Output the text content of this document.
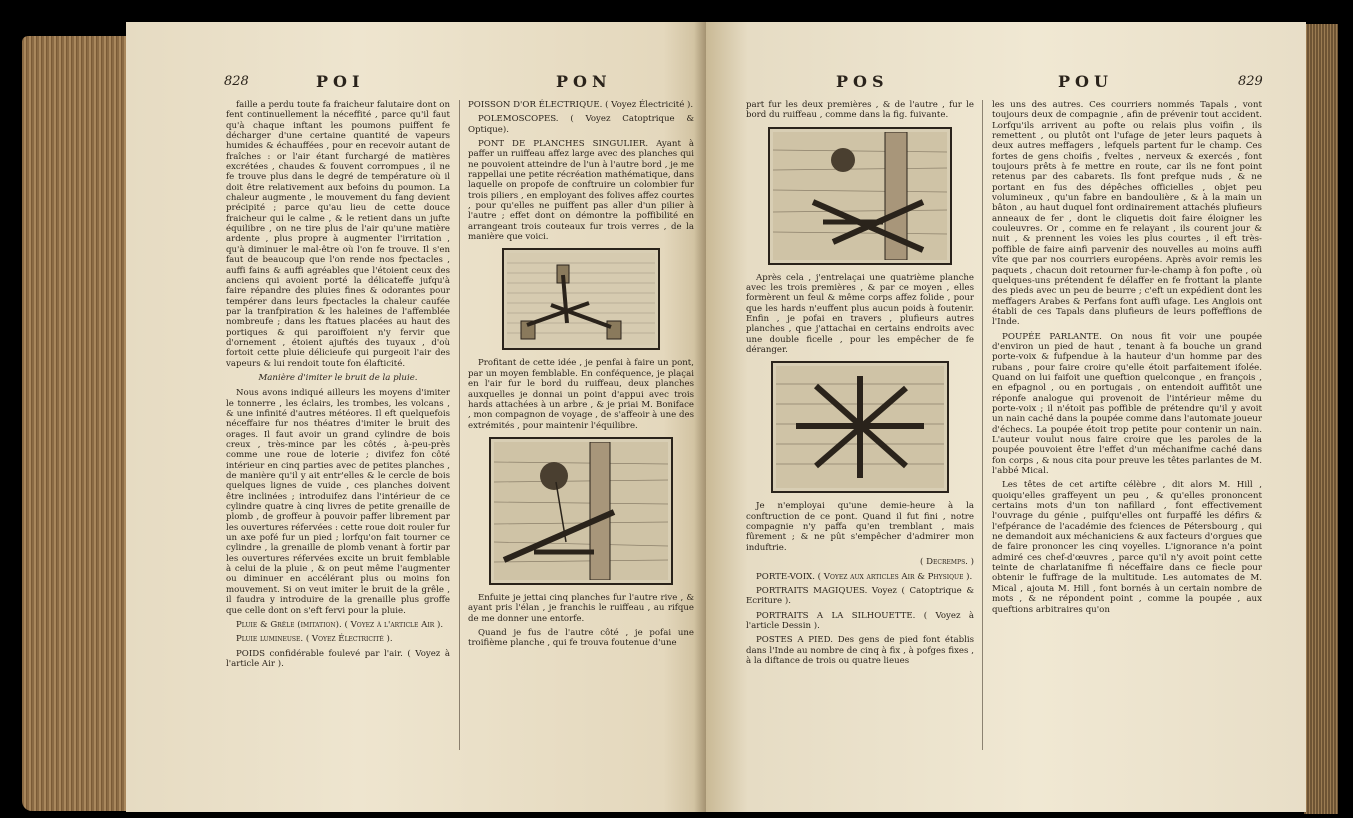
828	POI	PON

faille a perdu toute fa fraicheur falutaire dont on fent continuellement la néceffité , parce qu'il faut qu'à chaque inftant les poumons puiffent fe décharger d'une certaine quantité de vapeurs humides & échauffées , pour en recevoir autant de fraîches : or l'air étant furchargé de matières excrétées , chaudes & fouvent corrompues , il ne fe trouve plus dans le degré de température où il doit être relativement aux befoins du poumon. La chaleur augmente , le mouvement du fang devient précipité ; parce qu'au lieu de cette douce fraicheur qui le calme , & le retient dans un jufte équilibre , on ne tire plus de l'air qu'une matière ardente , plus propre à augmenter l'irritation , qu'à diminuer le mal-être où l'on fe trouve. Il s'en faut de beaucoup que l'on rende nos fpectacles , auffi fains & auffi agréables que l'étoient ceux des anciens qui avoient porté la délicateffe jufqu'à faire répandre des pluies fines & odorantes pour tempérer dans leurs fpectacles la chaleur caufée par la tranfpiration & les haleines de l'affemblée nombreufe ; dans les ftatues placées au haut des portiques & qui paroiffoient n'y fervir que d'ornement , étoient ajuftés des tuyaux , d'où fortoit cette pluie délicieufe qui purgeoit l'air des vapeurs & lui rendoit toute fon élafticité.

Manière d'imiter le bruit de la pluie.

Nous avons indiqué ailleurs les moyens d'imiter le tonnerre , les éclairs, les trombes, les volcans , & une infinité d'autres météores. Il eft quelquefois néceffaire fur nos théatres d'imiter le bruit des orages. Il faut avoir un grand cylindre de bois creux , très-mince par les côtés , à-peu-près comme une roue de loterie ; divifez fon côté intérieur en cinq parties avec de petites planches , de manière qu'il y ait entr'elles & le cercle de bois quelques lignes de vuide , ces planches doivent être inclinées ; introduifez dans l'intérieur de ce cylindre quatre à cinq livres de petite grenaille de plomb , de groffeur à pouvoir paffer librement par les ouvertures réfervées : cette roue doit rouler fur un axe pofé fur un pied ; lorfqu'on fait tourner ce cylindre , la grenaille de plomb venant à fortir par les ouvertures réfervées excite un bruit femblable à celui de la pluie , & on peut même l'augmenter ou diminuer en accélérant plus ou moins fon mouvement. Si on veut imiter le bruit de la grêle , il faudra y introduire de la grenaille plus groffe que celle dont on s'eft fervi pour la pluie.

Pluie & Grêle (imitation). ( Voyez à l'article Air ).

Pluie lumineuse. ( Voyez Électricité ).

POIDS confidérable foulevé par l'air. ( Voyez à l'article Air ).

POISSON D'OR ÉLECTRIQUE. ( Voyez Électricité ).

POLEMOSCOPES. ( Voyez Catoptrique & Optique).

PONT DE PLANCHES SINGULIER. Ayant à paffer un ruiffeau affez large avec des planches qui ne pouvoient atteindre de l'un à l'autre bord , je me rappellai une petite récréation mathématique, dans laquelle on propofe de conftruire un colombier fur trois piliers , en employant des folives affez courtes , pour qu'elles ne puiffent pas aller d'un pilier à l'autre ; effet dont on démontre la poffibilité en arrangeant trois couteaux fur trois verres , de la manière que voici.

Profitant de cette idée , je penfai à faire un pont, par un moyen femblable. En conféquence, je plaçai en l'air fur le bord du ruiffeau, deux planches auxquelles je donnai un point d'appui avec trois hards attachées à un arbre , & je priai M. Boniface , mon compagnon de voyage , de s'affeoir à une des extrémités , pour maintenir l'équilibre.

Enfuite je jettai cinq planches fur l'autre rive , & ayant pris l'élan , je franchis le ruiffeau , au rifque de me donner une entorfe.

Quand je fus de l'autre côté , je pofai une troifième planche , qui fe trouva foutenue d'une

POS	POU	829

part fur les deux premières , & de l'autre , fur le bord du ruiffeau , comme dans la fig. fuivante.

Après cela , j'entrelaçai une quatrième planche avec les trois premières , & par ce moyen , elles formèrent un feul & même corps affez folide , pour que les hards n'euffent plus aucun poids à foutenir. Enfin , je pofai en travers , plufieurs autres planches , que j'attachai en certains endroits avec une double ficelle , pour les empêcher de fe déranger.

Je n'employai qu'une demie-heure à la conftruction de ce pont. Quand il fut fini , notre compagnie n'y paffa qu'en tremblant , mais fûrement ; & ne pût s'empêcher d'admirer mon induftrie.

( Decremps. )

PORTE-VOIX. ( Voyez aux articles Air & Physique ).

PORTRAITS MAGIQUES. Voyez ( Catoptrique & Ecriture ).

PORTRAITS A LA SILHOUETTE. ( Voyez à l'article Dessin ).

POSTES A PIED. Des gens de pied font établis dans l'Inde au nombre de cinq à fix , à pofges fixes , à la diftance de trois ou quatre lieues

les uns des autres. Ces courriers nommés Tapals , vont toujours deux de compagnie , afin de prévenir tout accident. Lorfqu'ils arrivent au pofte ou relais plus voifin , ils remettent , ou plutôt ont l'ufage de jeter leurs paquets à deux autres meffagers , lefquels partent fur le champ. Ces fortes de gens choifis , fveltes , nerveux & exercés , font toujours prêts à fe mettre en route, car ils ne font point retenus par des cabarets. Ils font prefque nuds , & ne portant en fus des dépêches officielles , objet peu volumineux , qu'un fabre en bandoulière , & à la main un bâton , au haut duquel font ordinairement attachés plufieurs anneaux de fer , dont le cliquetis doit faire éloigner les couleuvres. Or , comme en fe relayant , ils courent jour & nuit , & prennent les voies les plus courtes , il eft très-poffible de faire ainfi parvenir des nouvelles au moins auffi vîte que par nos courriers européens. Après avoir remis les paquets , chacun doit retourner fur-le-champ à fon pofte , où quelques-uns prétendent fe délaffer en fe frottant la plante des pieds avec un peu de beurre ; c'eft un expédient dont les meffagers Arabes & Perfans font auffi ufage. Les Anglois ont établi de ces Tapals dans plufieurs de leurs poffeffions de l'Inde.

POUPÉE PARLANTE. On nous fit voir une poupée d'environ un pied de haut , tenant à fa bouche un grand porte-voix & fufpendue à la hauteur d'un homme par des rubans , pour faire croire qu'elle étoit parfaitement ifolée. Quand on lui faifoit une queftion quelconque , en françois , en efpagnol , ou en portugais , on entendoit auffitôt une réponfe analogue qui provenoit de l'intérieur même du porte-voix ; il n'étoit pas poffible de prétendre qu'il y avoit un nain caché dans la poupée comme dans l'automate joueur d'échecs. La poupée étoit trop petite pour contenir un nain. L'auteur voulut nous faire croire que les paroles de la poupée pouvoient être l'effet d'un méchanifme caché dans fon corps , & nous cita pour preuve les têtes parlantes de M. l'abbé Mical.

Les têtes de cet artifte célèbre , dit alors M. Hill , quoiqu'elles graffeyent un peu , & qu'elles prononcent certains mots d'un ton nafillard , font effectivement l'ouvrage du génie , puifqu'elles ont furpaffé les défirs & l'efpérance de l'académie des fciences de Pétersbourg , qui ne demandoit aux méchaniciens & aux facteurs d'orgues que de faire prononcer les cinq voyelles. L'ignorance n'a point admiré ces chef-d'œuvres , parce qu'il n'y avoit point cette teinte de charlatanifme fi néceffaire dans ce fiecle pour obtenir le fuffrage de la multitude. Les automates de M. Mical , ajouta M. Hill , font bornés à un certain nombre de mots , & ne répondent point , comme la poupée , aux queftions arbitraires qu'on
